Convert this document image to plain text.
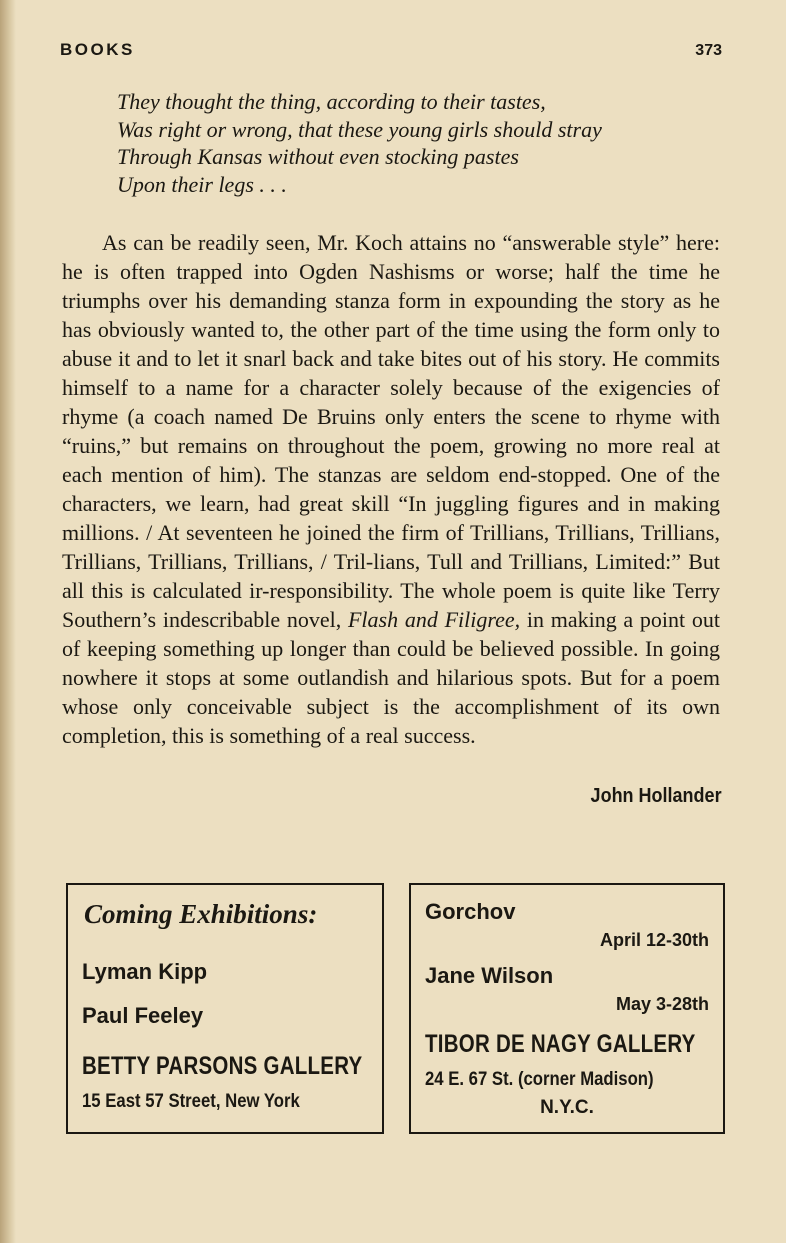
BOOKS	373
They thought the thing, according to their tastes,
Was right or wrong, that these young girls should stray
Through Kansas without even stocking pastes
Upon their legs . . .

As can be readily seen, Mr. Koch attains no “answerable style” here: he is often trapped into Ogden Nashisms or worse; half the time he triumphs over his demanding stanza form in expounding the story as he has obviously wanted to, the other part of the time using the form only to abuse it and to let it snarl back and take bites out of his story. He commits himself to a name for a character solely because of the exigencies of rhyme (a coach named De Bruins only enters the scene to rhyme with “ruins,” but remains on throughout the poem, growing no more real at each mention of him). The stanzas are seldom end-stopped. One of the characters, we learn, had great skill “In juggling figures and in making millions. / At seventeen he joined the firm of Trillians, Trillians, Trillians, Trillians, Trillians, Trillians, / Tril-lians, Tull and Trillians, Limited:” But all this is calculated ir-responsibility. The whole poem is quite like Terry Southern’s indescribable novel, Flash and Filigree, in making a point out of keeping something up longer than could be believed possible. In going nowhere it stops at some outlandish and hilarious spots. But for a poem whose only conceivable subject is the accomplishment of its own completion, this is something of a real success.

John Hollander
Coming Exhibitions:
Lyman Kipp
Paul Feeley
BETTY PARSONS GALLERY
15 East 57 Street, New York
Gorchov
April 12-30th
Jane Wilson
May 3-28th
TIBOR DE NAGY GALLERY
24 E. 67 St. (corner Madison)
N.Y.C.
